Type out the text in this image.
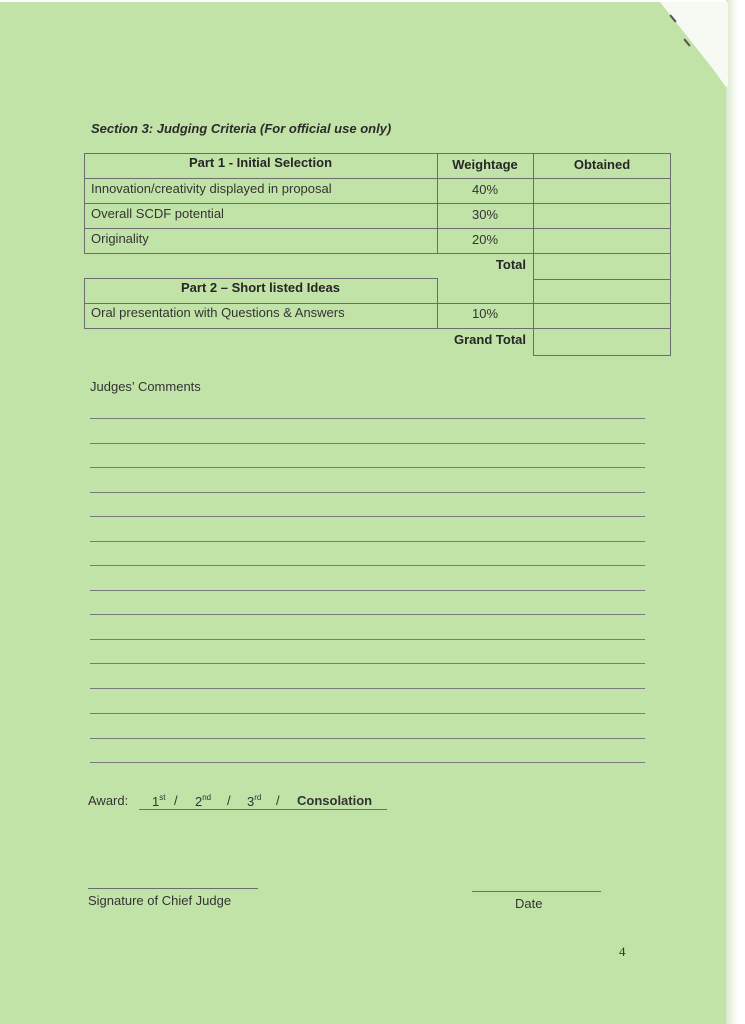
Section 3: Judging Criteria (For official use only)
Part 1 - Initial Selection	Weightage	Obtained
Innovation/creativity displayed in proposal	40%
Overall SCDF potential	30%
Originality	20%
Total
Part 2 – Short listed Ideas
Oral presentation with Questions & Answers	10%
Grand Total
Judges’ Comments
Award: 1st / 2nd / 3rd / Consolation
Signature of Chief Judge	Date
4
